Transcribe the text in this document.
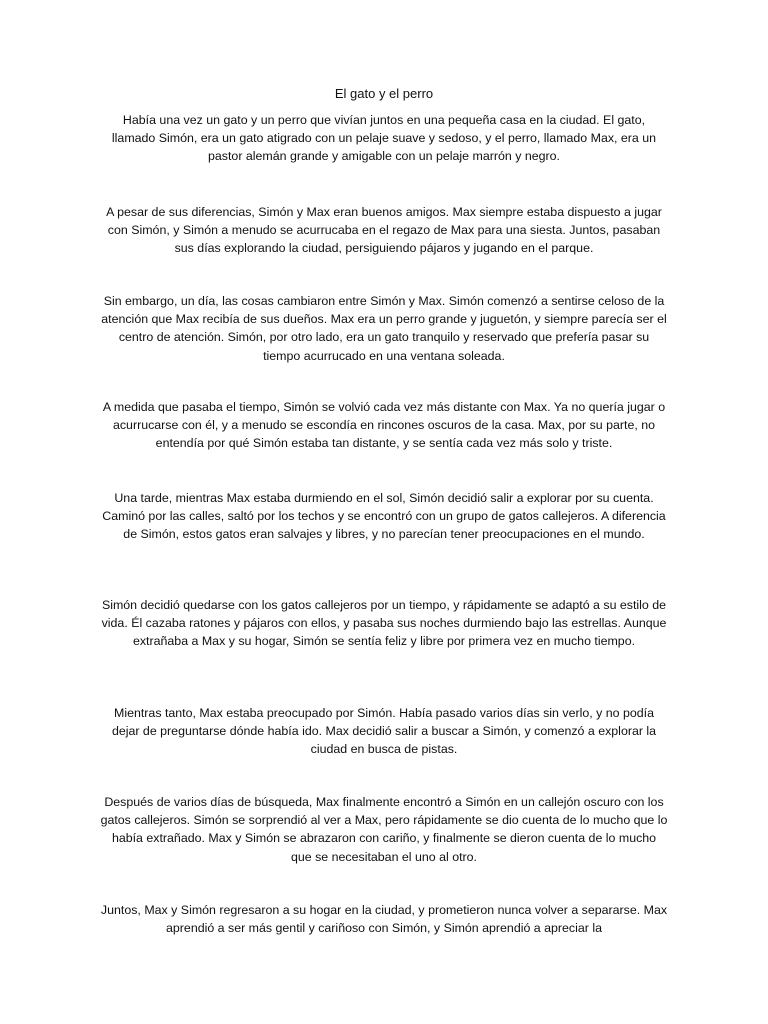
El gato y el perro

Había una vez un gato y un perro que vivían juntos en una pequeña casa en la ciudad. El gato, llamado Simón, era un gato atigrado con un pelaje suave y sedoso, y el perro, llamado Max, era un pastor alemán grande y amigable con un pelaje marrón y negro.

A pesar de sus diferencias, Simón y Max eran buenos amigos. Max siempre estaba dispuesto a jugar con Simón, y Simón a menudo se acurrucaba en el regazo de Max para una siesta. Juntos, pasaban sus días explorando la ciudad, persiguiendo pájaros y jugando en el parque.

Sin embargo, un día, las cosas cambiaron entre Simón y Max. Simón comenzó a sentirse celoso de la atención que Max recibía de sus dueños. Max era un perro grande y juguetón, y siempre parecía ser el centro de atención. Simón, por otro lado, era un gato tranquilo y reservado que prefería pasar su tiempo acurrucado en una ventana soleada.

A medida que pasaba el tiempo, Simón se volvió cada vez más distante con Max. Ya no quería jugar o acurrucarse con él, y a menudo se escondía en rincones oscuros de la casa. Max, por su parte, no entendía por qué Simón estaba tan distante, y se sentía cada vez más solo y triste.

Una tarde, mientras Max estaba durmiendo en el sol, Simón decidió salir a explorar por su cuenta. Caminó por las calles, saltó por los techos y se encontró con un grupo de gatos callejeros. A diferencia de Simón, estos gatos eran salvajes y libres, y no parecían tener preocupaciones en el mundo.

Simón decidió quedarse con los gatos callejeros por un tiempo, y rápidamente se adaptó a su estilo de vida. Él cazaba ratones y pájaros con ellos, y pasaba sus noches durmiendo bajo las estrellas. Aunque extrañaba a Max y su hogar, Simón se sentía feliz y libre por primera vez en mucho tiempo.

Mientras tanto, Max estaba preocupado por Simón. Había pasado varios días sin verlo, y no podía dejar de preguntarse dónde había ido. Max decidió salir a buscar a Simón, y comenzó a explorar la ciudad en busca de pistas.

Después de varios días de búsqueda, Max finalmente encontró a Simón en un callejón oscuro con los gatos callejeros. Simón se sorprendió al ver a Max, pero rápidamente se dio cuenta de lo mucho que lo había extrañado. Max y Simón se abrazaron con cariño, y finalmente se dieron cuenta de lo mucho que se necesitaban el uno al otro.

Juntos, Max y Simón regresaron a su hogar en la ciudad, y prometieron nunca volver a separarse. Max aprendió a ser más gentil y cariñoso con Simón, y Simón aprendió a apreciar la
